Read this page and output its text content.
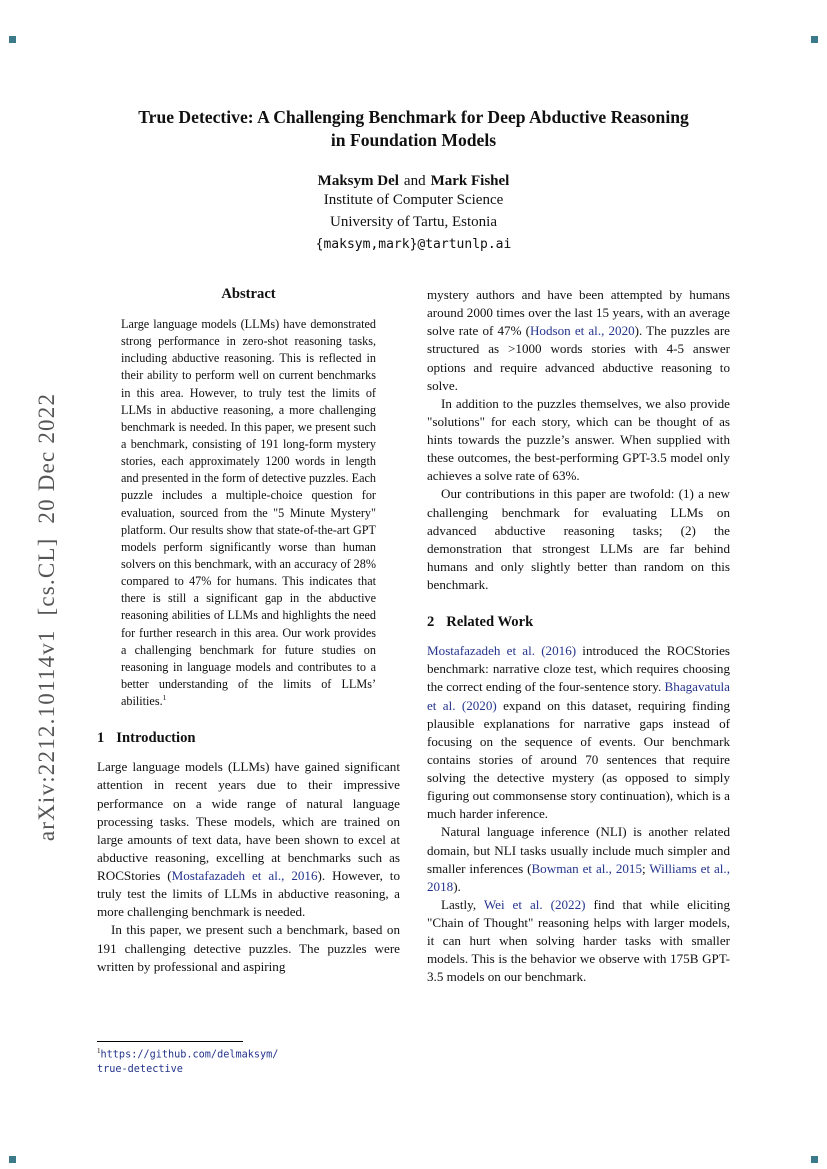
arXiv:2212.10114v1  [cs.CL]  20 Dec 2022
True Detective: A Challenging Benchmark for Deep Abductive Reasoning
in Foundation Models
Maksym Del and Mark Fishel
Institute of Computer Science
University of Tartu, Estonia
{maksym,mark}@tartunlp.ai
Abstract

Large language models (LLMs) have demonstrated strong performance in zero-shot reasoning tasks, including abductive reasoning. This is reflected in their ability to perform well on current benchmarks in this area. However, to truly test the limits of LLMs in abductive reasoning, a more challenging benchmark is needed. In this paper, we present such a benchmark, consisting of 191 long-form mystery stories, each approximately 1200 words in length and presented in the form of detective puzzles. Each puzzle includes a multiple-choice question for evaluation, sourced from the "5 Minute Mystery" platform. Our results show that state-of-the-art GPT models perform significantly worse than human solvers on this benchmark, with an accuracy of 28% compared to 47% for humans. This indicates that there is still a significant gap in the abductive reasoning abilities of LLMs and highlights the need for further research in this area. Our work provides a challenging benchmark for future studies on reasoning in language models and contributes to a better understanding of the limits of LLMs’ abilities.$^1$

1 Introduction

Large language models (LLMs) have gained significant attention in recent years due to their impressive performance on a wide range of natural language processing tasks. These models, which are trained on large amounts of text data, have been shown to excel at abductive reasoning, excelling at benchmarks such as ROCStories (Mostafazadeh et al., 2016). However, to truly test the limits of LLMs in abductive reasoning, a more challenging benchmark is needed.

In this paper, we present such a benchmark, based on 191 challenging detective puzzles. The puzzles were written by professional and aspiring

$^1$https://github.com/delmaksym/
true-detective

mystery authors and have been attempted by humans around 2000 times over the last 15 years, with an average solve rate of 47% (Hodson et al., 2020). The puzzles are structured as >1000 words stories with 4-5 answer options and require advanced abductive reasoning to solve.

In addition to the puzzles themselves, we also provide "solutions" for each story, which can be thought of as hints towards the puzzle’s answer. When supplied with these outcomes, the best-performing GPT-3.5 model only achieves a solve rate of 63%.

Our contributions in this paper are twofold: (1) a new challenging benchmark for evaluating LLMs on advanced abductive reasoning tasks; (2) the demonstration that strongest LLMs are far behind humans and only slightly better than random on this benchmark.

2 Related Work

Mostafazadeh et al. (2016) introduced the ROCStories benchmark: narrative cloze test, which requires choosing the correct ending of the four-sentence story. Bhagavatula et al. (2020) expand on this dataset, requiring finding plausible explanations for narrative gaps instead of focusing on the sequence of events. Our benchmark contains stories of around 70 sentences that require solving the detective mystery (as opposed to simply figuring out commonsense story continuation), which is a much harder inference.

Natural language inference (NLI) is another related domain, but NLI tasks usually include much simpler and smaller inferences (Bowman et al., 2015; Williams et al., 2018).

Lastly, Wei et al. (2022) find that while eliciting "Chain of Thought" reasoning helps with larger models, it can hurt when solving harder tasks with smaller models. This is the behavior we observe with 175B GPT-3.5 models on our benchmark.
